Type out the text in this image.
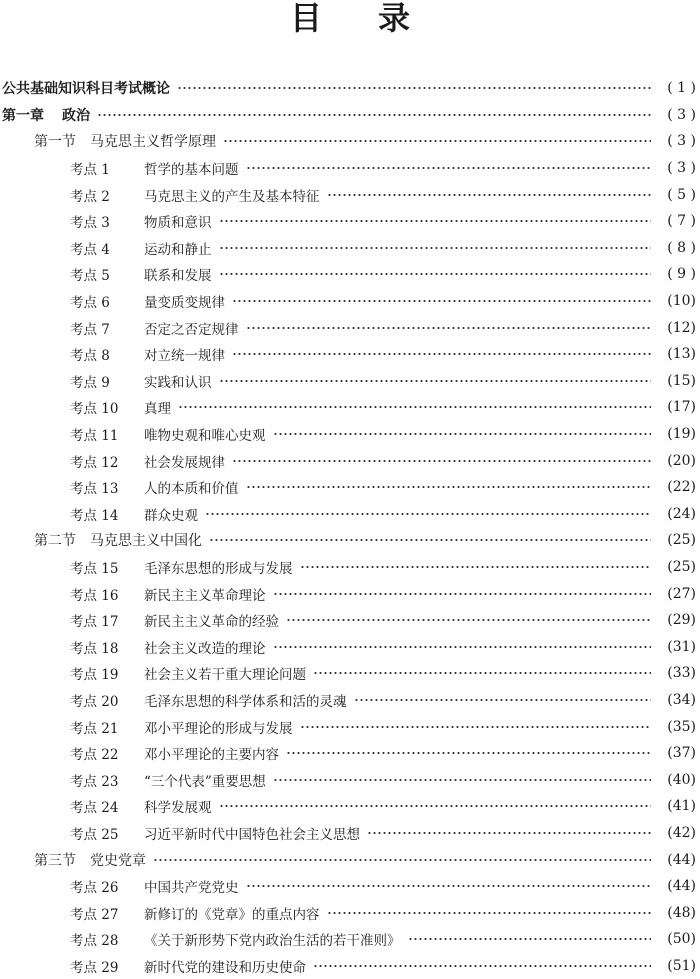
目 录
公共基础知识科目考试概论	( 1 )
第一章 政治	( 3 )
第一节 马克思主义哲学原理	( 3 )
考点 1	哲学的基本问题	( 3 )
考点 2	马克思主义的产生及基本特征	( 5 )
考点 3	物质和意识	( 7 )
考点 4	运动和静止	( 8 )
考点 5	联系和发展	( 9 )
考点 6	量变质变规律	(10)
考点 7	否定之否定规律	(12)
考点 8	对立统一规律	(13)
考点 9	实践和认识	(15)
考点 10	真理	(17)
考点 11	唯物史观和唯心史观	(19)
考点 12	社会发展规律	(20)
考点 13	人的本质和价值	(22)
考点 14	群众史观	(24)
第二节 马克思主义中国化	(25)
考点 15	毛泽东思想的形成与发展	(25)
考点 16	新民主主义革命理论	(27)
考点 17	新民主主义革命的经验	(29)
考点 18	社会主义改造的理论	(31)
考点 19	社会主义若干重大理论问题	(33)
考点 20	毛泽东思想的科学体系和活的灵魂	(34)
考点 21	邓小平理论的形成与发展	(35)
考点 22	邓小平理论的主要内容	(37)
考点 23	“三个代表”重要思想	(40)
考点 24	科学发展观	(41)
考点 25	习近平新时代中国特色社会主义思想	(42)
第三节 党史党章	(44)
考点 26	中国共产党党史	(44)
考点 27	新修订的《党章》的重点内容	(48)
考点 28	《关于新形势下党内政治生活的若干准则》	(50)
考点 29	新时代党的建设和历史使命	(51)
